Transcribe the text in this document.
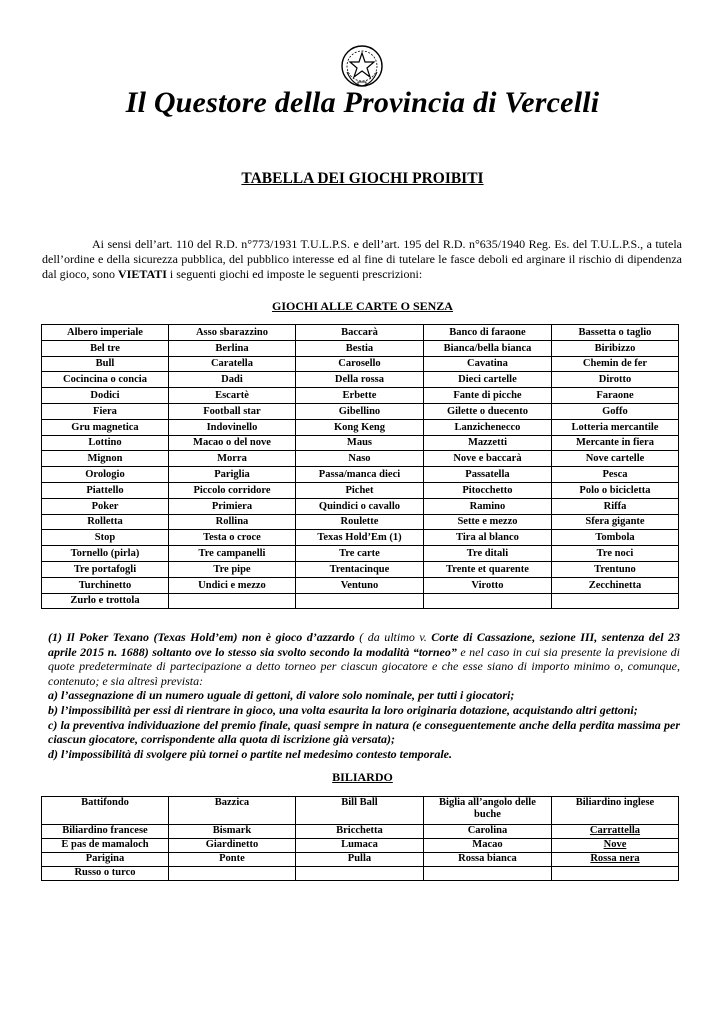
Il Questore della Provincia di Vercelli
TABELLA DEI GIOCHI PROIBITI

Ai sensi dell’art. 110 del R.D. n°773/1931 T.U.L.P.S. e dell’art. 195 del R.D. n°635/1940 Reg. Es. del T.U.L.P.S., a tutela dell’ordine e della sicurezza pubblica, del pubblico interesse ed al fine di tutelare le fasce deboli ed arginare il rischio di dipendenza dal gioco, sono VIETATI i seguenti giochi ed imposte le seguenti prescrizioni:

GIOCHI ALLE CARTE O SENZA
Albero imperiale	Asso sbarazzino	Baccarà	Banco di faraone	Bassetta o taglio
Bel tre	Berlina	Bestia	Bianca/bella bianca	Biribizzo
Bull	Caratella	Carosello	Cavatina	Chemin de fer
Cocincina o concia	Dadi	Della rossa	Dieci cartelle	Dirotto
Dodici	Escartè	Erbette	Fante di picche	Faraone
Fiera	Football star	Gibellino	Gilette o duecento	Goffo
Gru magnetica	Indovinello	Kong Keng	Lanzichenecco	Lotteria mercantile
Lottino	Macao o del nove	Maus	Mazzetti	Mercante in fiera
Mignon	Morra	Naso	Nove e baccarà	Nove cartelle
Orologio	Pariglia	Passa/manca dieci	Passatella	Pesca
Piattello	Piccolo corridore	Pichet	Pitocchetto	Polo o bicicletta
Poker	Primiera	Quindici o cavallo	Ramino	Riffa
Rolletta	Rollina	Roulette	Sette e mezzo	Sfera gigante
Stop	Testa o croce	Texas Hold’Em (1)	Tira al blanco	Tombola
Tornello (pirla)	Tre campanelli	Tre carte	Tre ditali	Tre noci
Tre portafogli	Tre pipe	Trentacinque	Trente et quarente	Trentuno
Turchinetto	Undici e mezzo	Ventuno	Virotto	Zecchinetta
Zurlo e trottola				
(1) Il Poker Texano (Texas Hold’em) non è gioco d’azzardo ( da ultimo v. Corte di Cassazione, sezione III, sentenza del 23 aprile 2015 n. 1688) soltanto ove lo stesso sia svolto secondo la modalità “torneo” e nel caso in cui sia presente la previsione di quote predeterminate di partecipazione a detto torneo per ciascun giocatore e che esse siano di importo minimo o, comunque, contenuto; e sia altresì prevista:
a) l’assegnazione di un numero uguale di gettoni, di valore solo nominale, per tutti i giocatori;
b) l’impossibilità per essi di rientrare in gioco, una volta esaurita la loro originaria dotazione, acquistando altri gettoni;
c) la preventiva individuazione del premio finale, quasi sempre in natura (e conseguentemente anche della perdita massima per ciascun giocatore, corrispondente alla quota di iscrizione già versata);
d) l’impossibilità di svolgere più tornei o partite nel medesimo contesto temporale.
BILIARDO
Battifondo	Bazzica	Bill Ball	Biglia all’angolo delle buche	Biliardino inglese
Biliardino francese	Bismark	Bricchetta	Carolina	Carrattella
E pas de mamaloch	Giardinetto	Lumaca	Macao	Nove
Parigina	Ponte	Pulla	Rossa bianca	Rossa nera
Russo o turco				
